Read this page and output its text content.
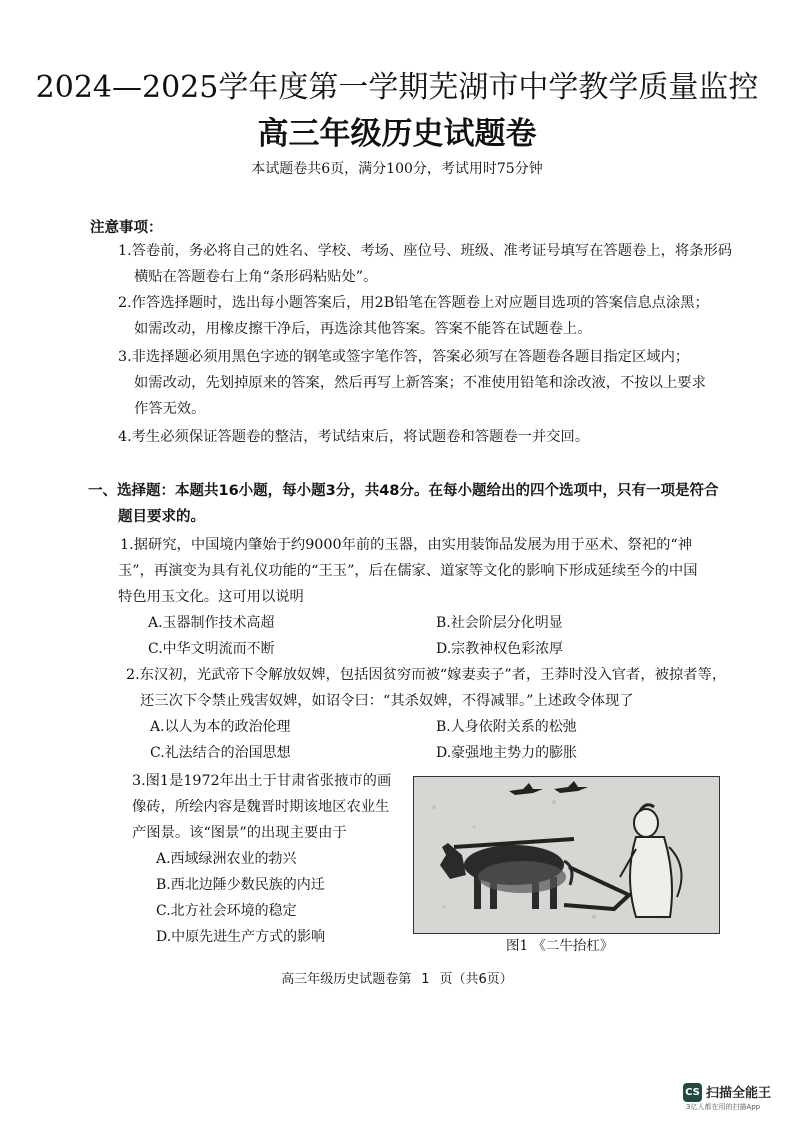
2024—2025学年度第一学期芜湖市中学教学质量监控
高三年级历史试题卷
本试题卷共6页，满分100分，考试用时75分钟
注意事项：
1.答卷前，务必将自己的姓名、学校、考场、座位号、班级、准考证号填写在答题卷上，将条形码
横贴在答题卷右上角“条形码粘贴处”。
2.作答选择题时，选出每小题答案后，用2B铅笔在答题卷上对应题目选项的答案信息点涂黑；
如需改动，用橡皮擦干净后，再选涂其他答案。答案不能答在试题卷上。
3.非选择题必须用黑色字迹的钢笔或签字笔作答，答案必须写在答题卷各题目指定区域内；
如需改动，先划掉原来的答案，然后再写上新答案；不准使用铅笔和涂改液，不按以上要求
作答无效。
4.考生必须保证答题卷的整洁，考试结束后，将试题卷和答题卷一并交回。
一、选择题：本题共16小题，每小题3分，共48分。在每小题给出的四个选项中，只有一项是符合
题目要求的。
1.据研究，中国境内肇始于约9000年前的玉器，由实用装饰品发展为用于巫术、祭祀的“神
玉”，再演变为具有礼仪功能的“王玉”，后在儒家、道家等文化的影响下形成延续至今的中国
特色用玉文化。这可用以说明
A.玉器制作技术高超	B.社会阶层分化明显
C.中华文明流而不断	D.宗教神权色彩浓厚
2.东汉初，光武帝下令解放奴婢，包括因贫穷而被“嫁妻卖子”者，王莽时没入官者，被掠者等，
还三次下令禁止残害奴婢，如诏令曰：“其杀奴婢，不得减罪。”上述政令体现了
A.以人为本的政治伦理	B.人身依附关系的松弛
C.礼法结合的治国思想	D.豪强地主势力的膨胀
3.图1是1972年出土于甘肃省张掖市的画
像砖，所绘内容是魏晋时期该地区农业生
产图景。该“图景”的出现主要由于
A.西域绿洲农业的勃兴
B.西北边陲少数民族的内迁
C.北方社会环境的稳定
D.中原先进生产方式的影响
图1 《二牛抬杠》
高三年级历史试题卷第 1 页（共6页）
CS 扫描全能王
3亿人都在用的扫描App
